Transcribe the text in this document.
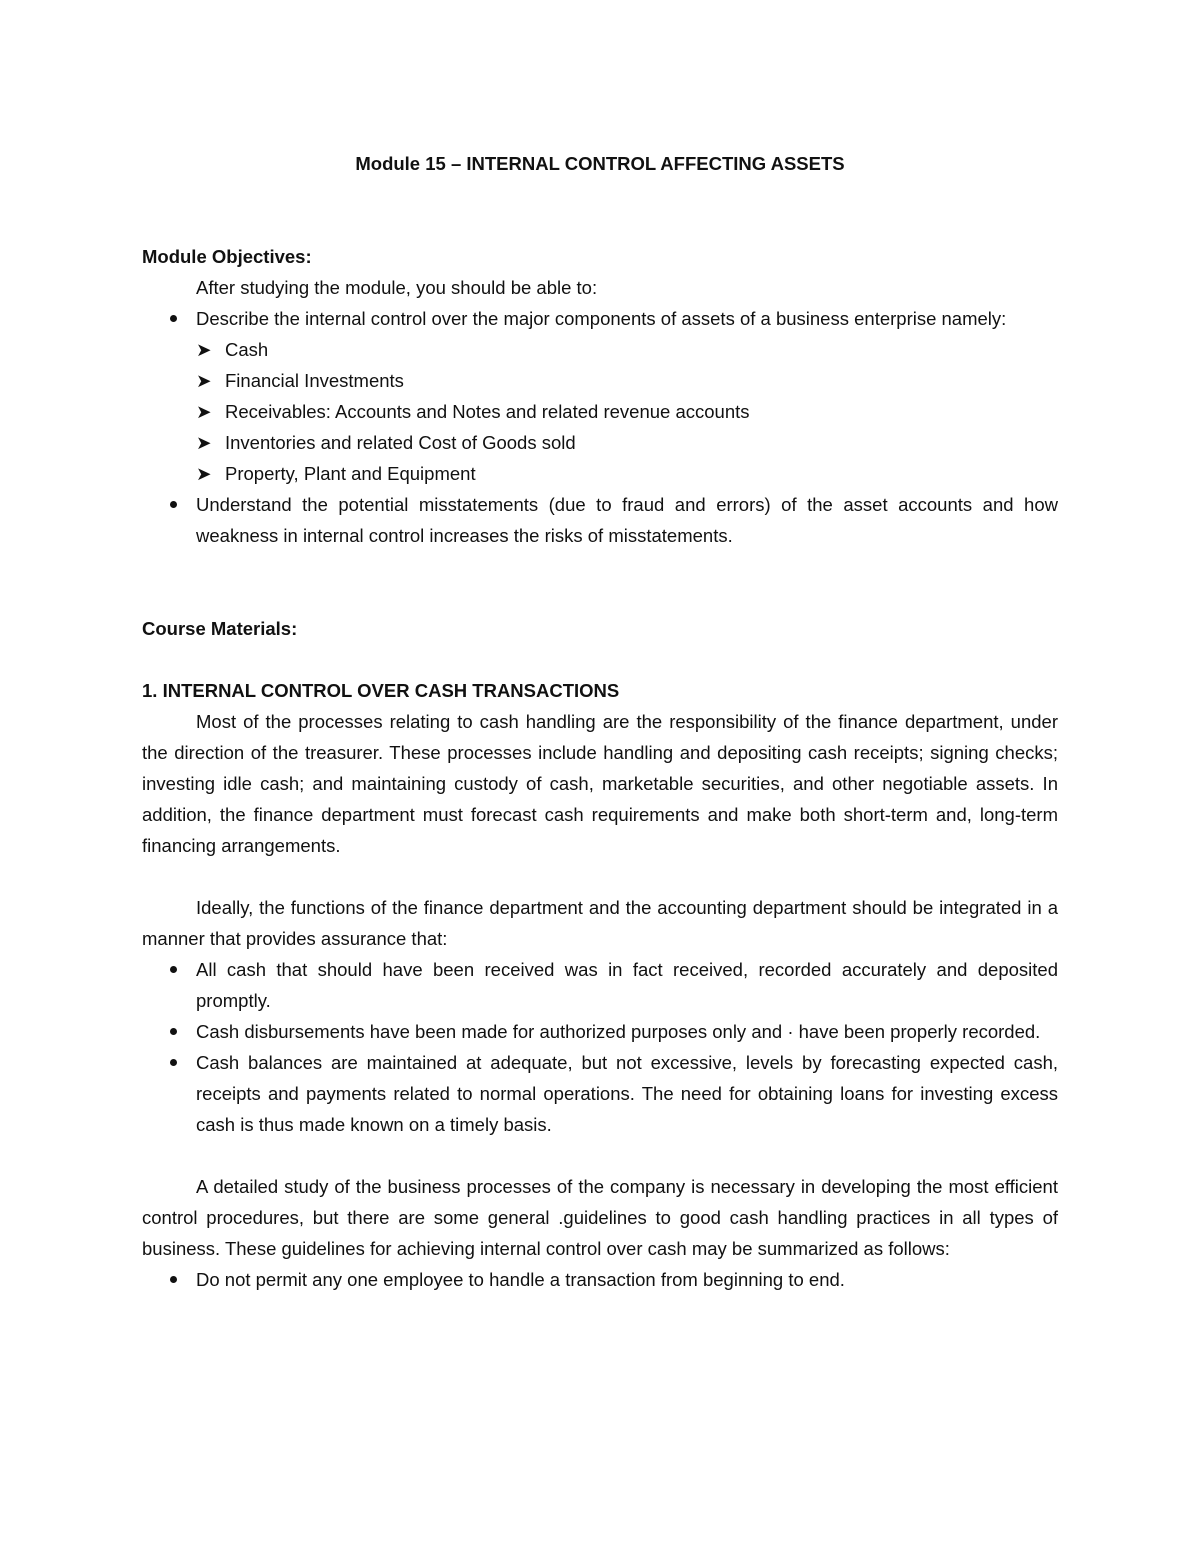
Module 15 – INTERNAL CONTROL AFFECTING ASSETS

Module Objectives:

After studying the module, you should be able to:

Describe the internal control over the major components of assets of a business enterprise namely:
➤ Cash
➤ Financial Investments
➤ Receivables: Accounts and Notes and related revenue accounts
➤ Inventories and related Cost of Goods sold
➤ Property, Plant and Equipment
Understand the potential misstatements (due to fraud and errors) of the asset accounts and how weakness in internal control increases the risks of misstatements.

Course Materials:

1. INTERNAL CONTROL OVER CASH TRANSACTIONS

Most of the processes relating to cash handling are the responsibility of the finance department, under the direction of the treasurer. These processes include handling and depositing cash receipts; signing checks; investing idle cash; and maintaining custody of cash, marketable securities, and other negotiable assets. In addition, the finance department must forecast cash requirements and make both short-term and, long-term financing arrangements.

Ideally, the functions of the finance department and the accounting department should be integrated in a manner that provides assurance that:

All cash that should have been received was in fact received, recorded accurately and deposited promptly.
Cash disbursements have been made for authorized purposes only and · have been properly recorded.
Cash balances are maintained at adequate, but not excessive, levels by forecasting expected cash, receipts and payments related to normal operations. The need for obtaining loans for investing excess cash is thus made known on a timely basis.

A detailed study of the business processes of the company is necessary in developing the most efficient control procedures, but there are some general .guidelines to good cash handling practices in all types of business. These guidelines for achieving internal control over cash may be summarized as follows:

Do not permit any one employee to handle a transaction from beginning to end.
